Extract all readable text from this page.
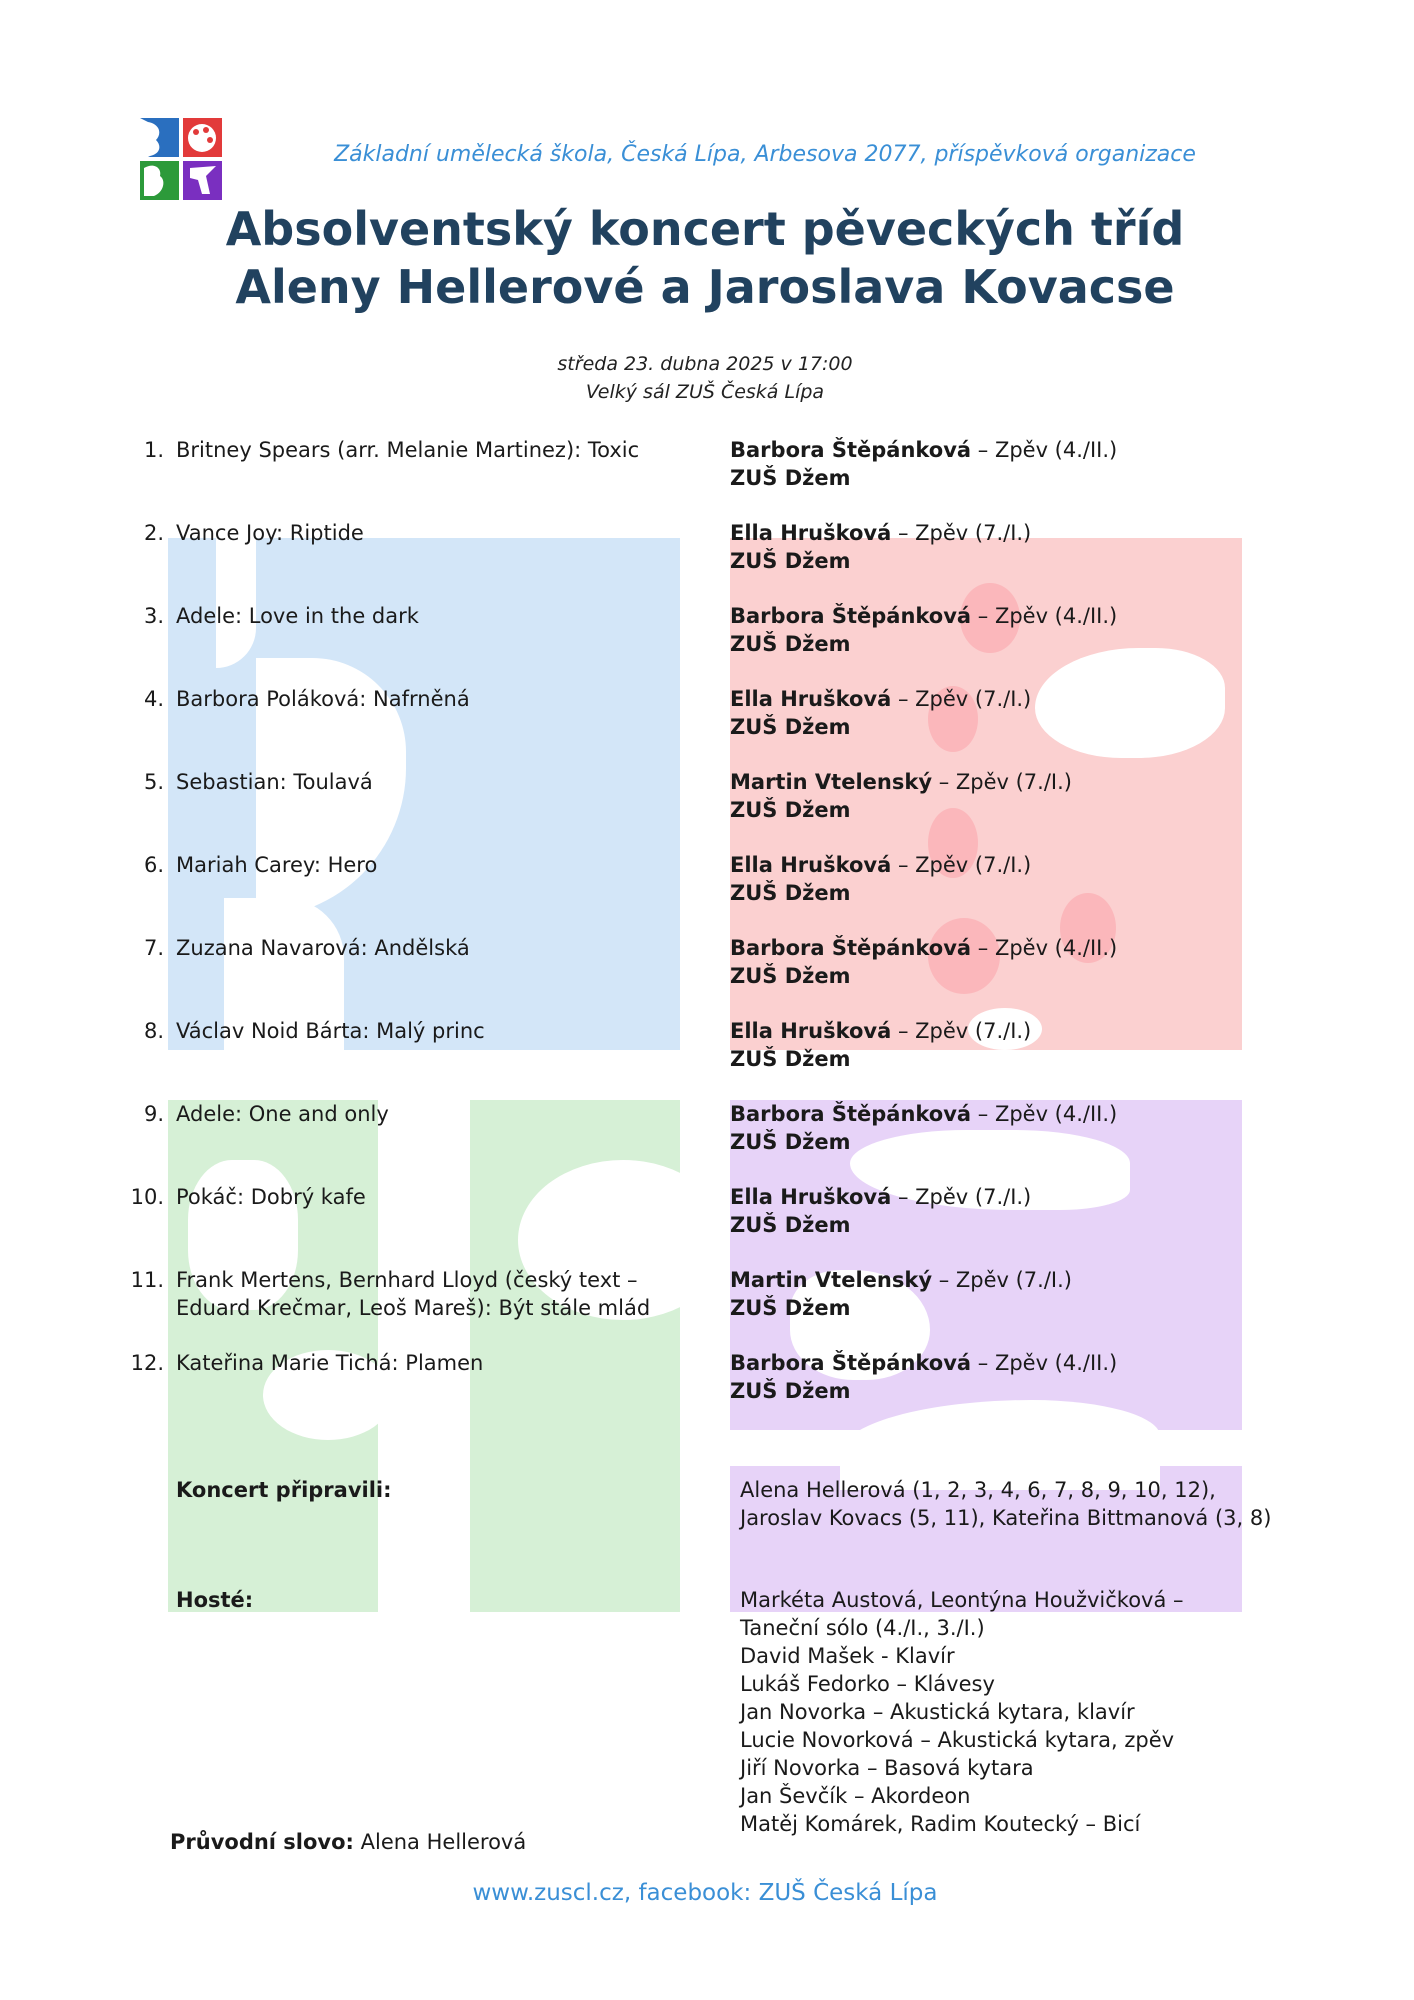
Základní umělecká škola, Česká Lípa, Arbesova 2077, příspěvková organizace
Absolventský koncert pěveckých tříd
Aleny Hellerové a Jaroslava Kovacse
středa 23. dubna 2025 v 17:00
Velký sál ZUŠ Česká Lípa
1. Britney Spears (arr. Melanie Martinez): Toxic	Barbora Štěpánková – Zpěv (4./II.)
ZUŠ Džem
2. Vance Joy: Riptide	Ella Hrušková – Zpěv (7./I.)
ZUŠ Džem
3. Adele: Love in the dark	Barbora Štěpánková – Zpěv (4./II.)
ZUŠ Džem
4. Barbora Poláková: Nafrněná	Ella Hrušková – Zpěv (7./I.)
ZUŠ Džem
5. Sebastian: Toulavá	Martin Vtelenský – Zpěv (7./I.)
ZUŠ Džem
6. Mariah Carey: Hero	Ella Hrušková – Zpěv (7./I.)
ZUŠ Džem
7. Zuzana Navarová: Andělská	Barbora Štěpánková – Zpěv (4./II.)
ZUŠ Džem
8. Václav Noid Bárta: Malý princ	Ella Hrušková – Zpěv (7./I.)
ZUŠ Džem
9. Adele: One and only	Barbora Štěpánková – Zpěv (4./II.)
ZUŠ Džem
10. Pokáč: Dobrý kafe	Ella Hrušková – Zpěv (7./I.)
ZUŠ Džem
11. Frank Mertens, Bernhard Lloyd (český text – Eduard Krečmar, Leoš Mareš): Být stále mlád
Martin Vtelenský – Zpěv (7./I.)
ZUŠ Džem
12. Kateřina Marie Tichá: Plamen	Barbora Štěpánková – Zpěv (4./II.)
ZUŠ Džem
Koncert připravili:	Alena Hellerová (1, 2, 3, 4, 6, 7, 8, 9, 10, 12),
Jaroslav Kovacs (5, 11), Kateřina Bittmanová (3, 8)
Hosté:	Markéta Austová, Leontýna Houžvičková –
Taneční sólo (4./I., 3./I.)
David Mašek - Klavír
Lukáš Fedorko – Klávesy
Jan Novorka – Akustická kytara, klavír
Lucie Novorková – Akustická kytara, zpěv
Jiří Novorka – Basová kytara
Jan Ševčík – Akordeon
Matěj Komárek, Radim Koutecký – Bicí
Průvodní slovo: Alena Hellerová
www.zuscl.cz, facebook: ZUŠ Česká Lípa
